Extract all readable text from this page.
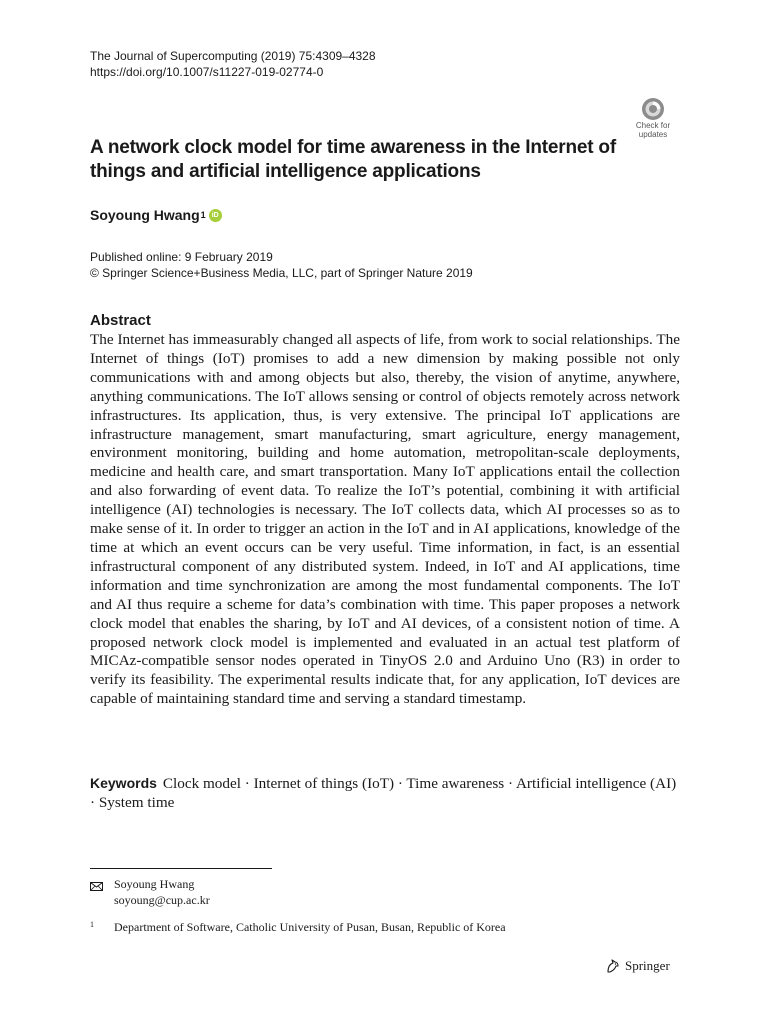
The Journal of Supercomputing (2019) 75:4309–4328
https://doi.org/10.1007/s11227-019-02774-0
Check for
updates
A network clock model for time awareness in the Internet of things and artificial intelligence applications
Soyoung Hwang 1 iD
Published online: 9 February 2019
© Springer Science+Business Media, LLC, part of Springer Nature 2019
Abstract
The Internet has immeasurably changed all aspects of life, from work to social relationships. The Internet of things (IoT) promises to add a new dimension by making possible not only communications with and among objects but also, thereby, the vision of anytime, anywhere, anything communications. The IoT allows sensing or control of objects remotely across network infrastructures. Its application, thus, is very extensive. The principal IoT applications are infrastructure management, smart manufacturing, smart agriculture, energy management, environment monitoring, building and home automation, metropolitan-scale deployments, medicine and health care, and smart transportation. Many IoT applications entail the collection and also forwarding of event data. To realize the IoT’s potential, combining it with artificial intelligence (AI) technologies is necessary. The IoT collects data, which AI processes so as to make sense of it. In order to trigger an action in the IoT and in AI applications, knowledge of the time at which an event occurs can be very useful. Time information, in fact, is an essential infrastructural component of any distributed system. Indeed, in IoT and AI applications, time information and time synchronization are among the most fundamental components. The IoT and AI thus require a scheme for data’s combination with time. This paper proposes a network clock model that enables the sharing, by IoT and AI devices, of a consistent notion of time. A proposed network clock model is implemented and evaluated in an actual test platform of MICAz-compatible sensor nodes operated in TinyOS 2.0 and Arduino Uno (R3) in order to verify its feasibility. The experimental results indicate that, for any application, IoT devices are capable of maintaining standard time and serving a standard timestamp.
Keywords Clock model · Internet of things (IoT) · Time awareness · Artificial intelligence (AI) · System time
Soyoung Hwang
soyoung@cup.ac.kr
1	Department of Software, Catholic University of Pusan, Busan, Republic of Korea
Springer
